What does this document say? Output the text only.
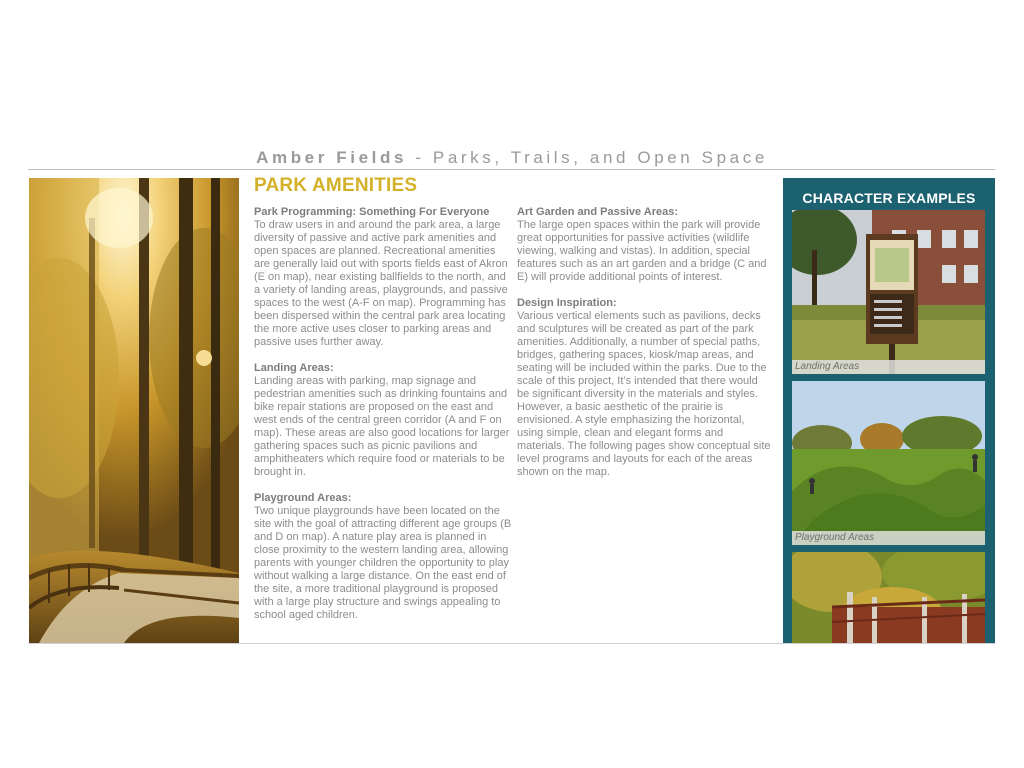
Amber Fields - Parks, Trails, and Open Space
PARK AMENITIES
Park Programming: Something For Everyone
To draw users in and around the park area, a large diversity of passive and active park amenities and open spaces are planned. Recreational amenities are generally laid out with sports fields east of Akron (E on map), near existing ballfields to the north, and a variety of landing areas, playgrounds, and passive spaces to the west (A-F on map). Programming has been dispersed within the central park area locating the more active uses closer to parking areas and passive uses further away.
Landing Areas:
Landing areas with parking, map signage and pedestrian amenities such as drinking fountains and bike repair stations are proposed on the east and west ends of the central green corridor (A and F on map). These areas are also good locations for larger gathering spaces such as picnic pavilions and amphitheaters which require food or materials to be brought in.
Playground Areas:
Two unique playgrounds have been located on the site with the goal of attracting different age groups (B and D on map). A nature play area is planned in close proximity to the western landing area, allowing parents with younger children the opportunity to play without walking a large distance. On the east end of the site, a more traditional playground is proposed with a large play structure and swings appealing to school aged children.
Art Garden and Passive Areas:
The large open spaces within the park will provide great opportunities for passive activities (wildlife viewing, walking and vistas). In addition, special features such as an art garden and a bridge (C and E) will provide additional points of interest.
Design Inspiration:
Various vertical elements such as pavilions, decks and sculptures will be created as part of the park amenities. Additionally, a number of special paths, bridges, gathering spaces, kiosk/map areas, and seating will be included within the parks. Due to the scale of this project, It’s intended that there would be significant diversity in the materials and styles. However, a basic aesthetic of the prairie is envisioned. A style emphasizing the horizontal, using simple, clean and elegant forms and materials. The following pages show conceptual site level programs and layouts for each of the areas shown on the map.
CHARACTER EXAMPLES
Landing Areas
Playground Areas
